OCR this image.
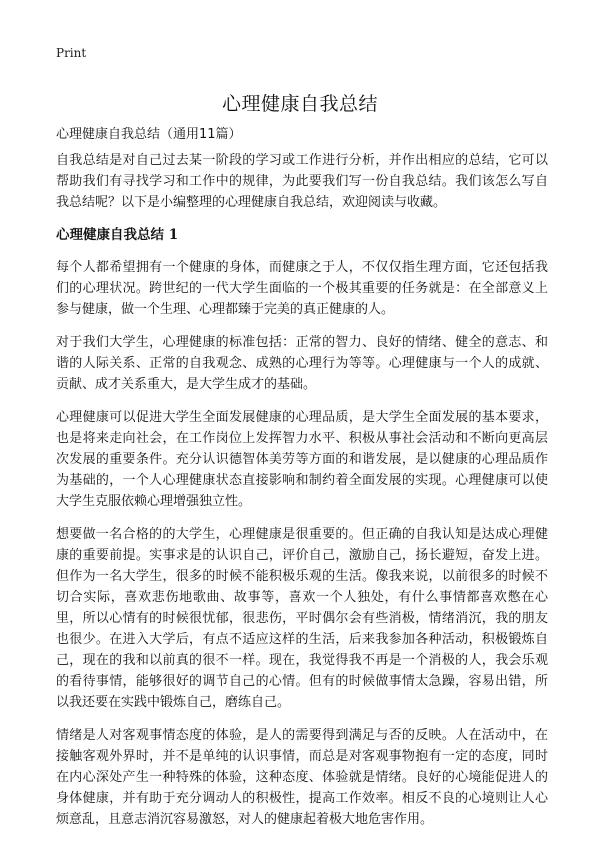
Print
心理健康自我总结
心理健康自我总结（通用11篇）

自我总结是对自己过去某一阶段的学习或工作进行分析，并作出相应的总结，它可以帮助我们有寻找学习和工作中的规律，为此要我们写一份自我总结。我们该怎么写自我总结呢？以下是小编整理的心理健康自我总结，欢迎阅读与收藏。

心理健康自我总结 1

每个人都希望拥有一个健康的身体，而健康之于人，不仅仅指生理方面，它还包括我们的心理状况。跨世纪的一代大学生面临的一个极其重要的任务就是：在全部意义上参与健康，做一个生理、心理都臻于完美的真正健康的人。

对于我们大学生，心理健康的标准包括：正常的智力、良好的情绪、健全的意志、和谐的人际关系、正常的自我观念、成熟的心理行为等等。心理健康与一个人的成就、贡献、成才关系重大，是大学生成才的基础。

心理健康可以促进大学生全面发展健康的心理品质，是大学生全面发展的基本要求，也是将来走向社会，在工作岗位上发挥智力水平、积极从事社会活动和不断向更高层次发展的重要条件。充分认识德智体美劳等方面的和谐发展，是以健康的心理品质作为基础的，一个人心理健康状态直接影响和制约着全面发展的实现。心理健康可以使大学生克服依赖心理增强独立性。

想要做一名合格的的大学生，心理健康是很重要的。但正确的自我认知是达成心理健康的重要前提。实事求是的认识自己，评价自己，激励自己，扬长避短，奋发上进。但作为一名大学生，很多的时候不能积极乐观的生活。像我来说，以前很多的时候不切合实际，喜欢悲伤地歌曲、故事等，喜欢一个人独处，有什么事情都喜欢憋在心里，所以心情有的时候很忧郁，很悲伤，平时偶尔会有些消极，情绪消沉，我的朋友也很少。在进入大学后，有点不适应这样的生活，后来我参加各种活动，积极锻炼自己，现在的我和以前真的很不一样。现在，我觉得我不再是一个消极的人，我会乐观的看待事情，能够很好的调节自己的心情。但有的时候做事情太急躁，容易出错，所以我还要在实践中锻炼自己，磨练自己。

情绪是人对客观事情态度的体验，是人的需要得到满足与否的反映。人在活动中，在接触客观外界时，并不是单纯的认识事情，而总是对客观事物抱有一定的态度，同时在内心深处产生一种特殊的体验，这种态度、体验就是情绪。良好的心境能促进人的身体健康，并有助于充分调动人的积极性，提高工作效率。相反不良的心境则让人心烦意乱，且意志消沉容易激怒，对人的健康起着极大地危害作用。
